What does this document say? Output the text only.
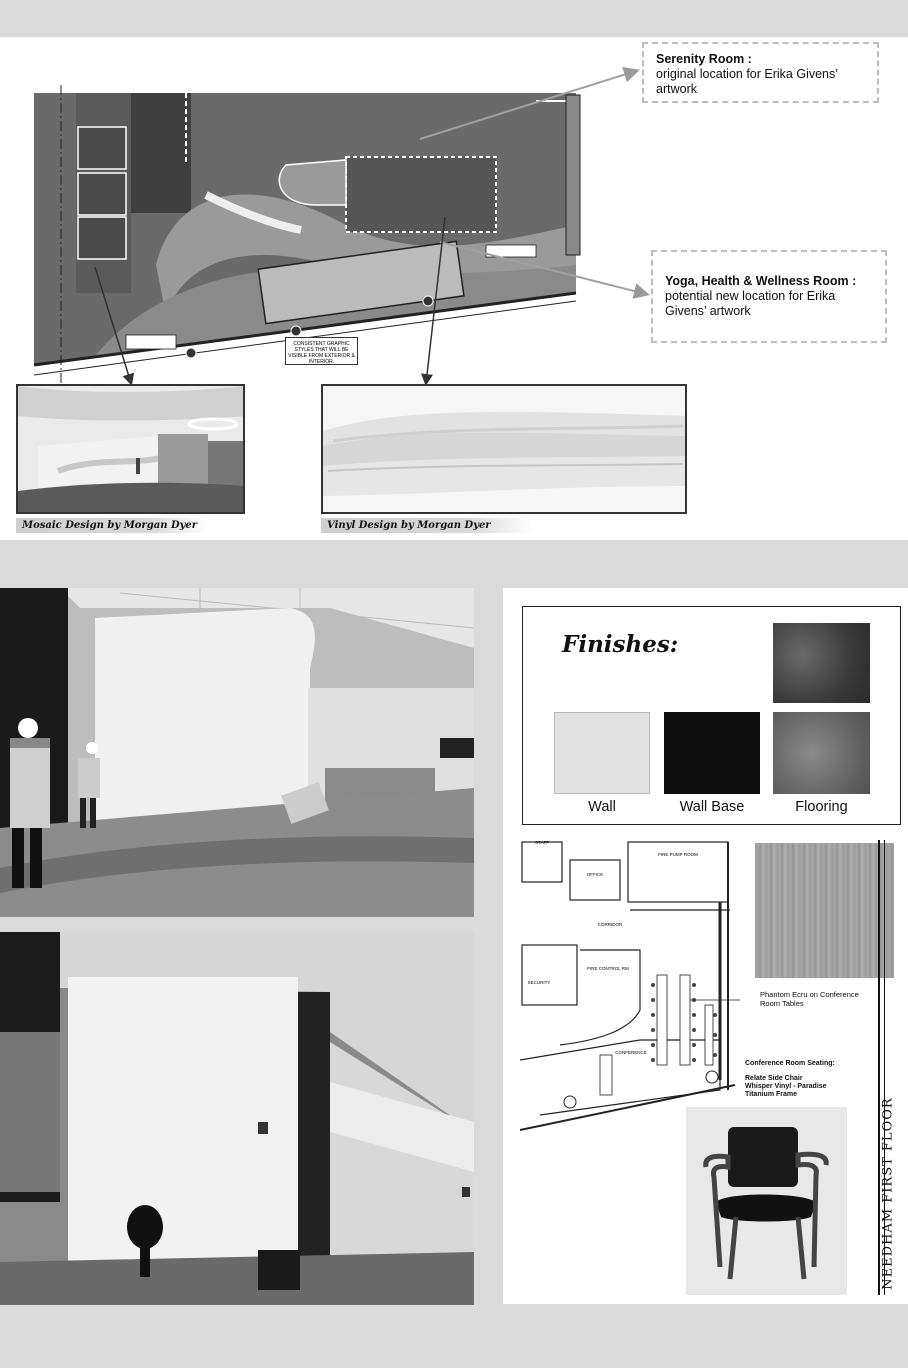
CONSISTENT GRAPHIC STYLES THAT WILL BE VISIBLE FROM EXTERIOR & INTERIOR.
Serenity Room :
original location for Erika Givens’ artwork
Yoga, Health & Wellness Room :
potential new location for Erika Givens’ artwork
Mosaic Design by Morgan Dyer	Vinyl Design by Morgan Dyer
Finishes:
Wall	Wall Base	Flooring
STAFF
OFFICE
FIRE PUMP ROOM
CORRIDOR
FIRE CONTROL RM
SECURITY
CONFERENCE
Phantom Ecru on Conference Room Tables
Conference Room Seating:
Relate Side Chair
Whisper Vinyl - Paradise
Titanium Frame
NEEDHAM FIRST FLOOR
